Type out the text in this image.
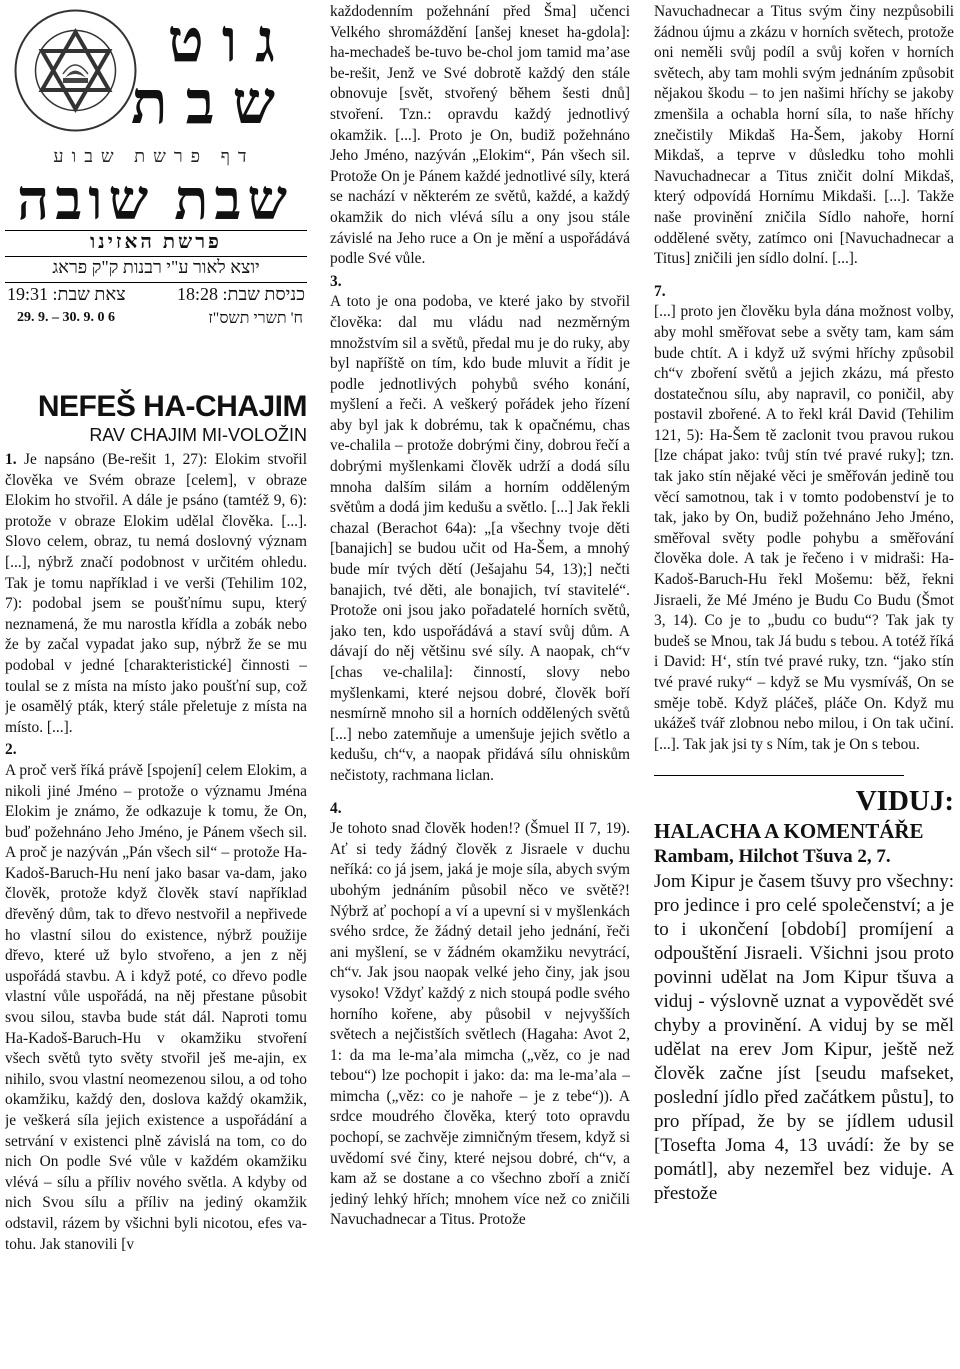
גוט
שבת
דף פרשת שבוע
שבת שובה
פרשת האזינו
יוצא לאור ע"י רבנות ק"ק פראג
צאת שבת: 19:31	כניסת שבת: 18:28
29. 9. – 30. 9. 0 6	ח' תשרי תשס"ז
NEFEŠ HA-CHAJIM
RAV CHAJIM MI-VOLOŽIN

1. Je napsáno (Be-rešit 1, 27): Elokim stvořil člověka ve Svém obraze [celem], v obraze Elokim ho stvořil. A dále je psáno (tamtéž 9, 6): protože v obraze Elokim udělal člověka. [...]. Slovo celem, obraz, tu nemá doslovný význam [...], nýbrž značí podobnost v určitém ohledu. Tak je tomu například i ve verši (Tehilim 102, 7): podobal jsem se poušťnímu supu, který neznamená, že mu narostla křídla a zobák nebo že by začal vypadat jako sup, nýbrž že se mu podobal v jedné [charakteristické] činnosti – toulal se z místa na místo jako poušťní sup, což je osamělý pták, který stále přeletuje z místa na místo. [...].

2.

A proč verš říká právě [spojení] celem Elokim, a nikoli jiné Jméno – protože o významu Jména Elokim je známo, že odkazuje k tomu, že On, buď požehnáno Jeho Jméno, je Pánem všech sil. A proč je nazýván „Pán všech sil“ – protože Ha-Kadoš-Baruch-Hu není jako basar va-dam, jako člověk, protože když člověk staví například dřevěný dům, tak to dřevo nestvořil a nepřivede ho vlastní silou do existence, nýbrž použije dřevo, které už bylo stvořeno, a jen z něj uspořádá stavbu. A i když poté, co dřevo podle vlastní vůle uspořádá, na něj přestane působit svou silou, stavba bude stát dál. Naproti tomu Ha-Kadoš-Baruch-Hu v okamžiku stvoření všech světů tyto světy stvořil ješ me-ajin, ex nihilo, svou vlastní neomezenou silou, a od toho okamžiku, každý den, doslova každý okamžik, je veškerá síla jejich existence a uspořádání a setrvání v existenci plně závislá na tom, co do nich On podle Své vůle v každém okamžiku vlévá – sílu a příliv nového světla. A kdyby od nich Svou sílu a příliv na jediný okamžik odstavil, rázem by všichni byli nicotou, efes va-tohu. Jak stanovili [v

každodenním požehnání před Šma] učenci Velkého shromáždění [anšej kneset ha-gdola]: ha-mechadeš be-tuvo be-chol jom tamid ma’ase be-rešit, Jenž ve Své dobrotě každý den stále obnovuje [svět, stvořený během šesti dnů] stvoření. Tzn.: opravdu každý jednotlivý okamžik. [...]. Proto je On, budiž požehnáno Jeho Jméno, nazýván „Elokim“, Pán všech sil. Protože On je Pánem každé jednotlivé síly, která se nachází v některém ze světů, každé, a každý okamžik do nich vlévá sílu a ony jsou stále závislé na Jeho ruce a On je mění a uspořádává podle Své vůle.

3.

A toto je ona podoba, ve které jako by stvořil člověka: dal mu vládu nad nezměrným množstvím sil a světů, předal mu je do ruky, aby byl napříště on tím, kdo bude mluvit a řídit je podle jednotlivých pohybů svého konání, myšlení a řeči. A veškerý pořádek jeho řízení aby byl jak k dobrému, tak k opačnému, chas ve-chalila – protože dobrými činy, dobrou řečí a dobrými myšlenkami člověk udrží a dodá sílu mnoha dalším silám a horním odděleným světům a dodá jim kedušu a světlo. [...] Jak řekli chazal (Berachot 64a): „[a všechny tvoje děti [banajich] se budou učit od Ha-Šem, a mnohý bude mír tvých dětí (Ješajahu 54, 13);] nečti banajich, tvé děti, ale bonajich, tví stavitelé“. Protože oni jsou jako pořadatelé horních světů, jako ten, kdo uspořádává a staví svůj dům. A dávají do něj většinu své síly. A naopak, ch“v [chas ve-chalila]: činností, slovy nebo myšlenkami, které nejsou dobré, člověk boří nesmírně mnoho sil a horních oddělených světů [...] nebo zatemňuje a umenšuje jejich světlo a kedušu, ch“v, a naopak přidává sílu ohniskům nečistoty, rachmana liclan.

4.

Je tohoto snad člověk hoden!? (Šmuel II 7, 19). Ať si tedy žádný člověk z Jisraele v duchu neříká: co já jsem, jaká je moje síla, abych svým ubohým jednáním působil něco ve světě?! Nýbrž ať pochopí a ví a upevní si v myšlenkách svého srdce, že žádný detail jeho jednání, řeči ani myšlení, se v žádném okamžiku nevytrácí, ch“v. Jak jsou naopak velké jeho činy, jak jsou vysoko! Vždyť každý z nich stoupá podle svého horního kořene, aby působil v nejvyšších světech a nejčistších světlech (Hagaha: Avot 2, 1: da ma le-ma’ala mimcha („věz, co je nad tebou“) lze pochopit i jako: da: ma le-ma’ala – mimcha („věz: co je nahoře – je z tebe“)). A srdce moudrého člověka, který toto opravdu pochopí, se zachvěje zimničným třesem, když si uvědomí své činy, které nejsou dobré, ch“v, a kam až se dostane a co všechno zboří a zničí jediný lehký hřích; mnohem více než co zničili Navuchadnecar a Titus. Protože

Navuchadnecar a Titus svým činy nezpůsobili žádnou újmu a zkázu v horních světech, protože oni neměli svůj podíl a svůj kořen v horních světech, aby tam mohli svým jednáním způsobit nějakou škodu – to jen našimi hříchy se jakoby zmenšila a ochabla horní síla, to naše hříchy znečistily Mikdaš Ha-Šem, jakoby Horní Mikdaš, a teprve v důsledku toho mohli Navuchadnecar a Titus zničit dolní Mikdaš, který odpovídá Hornímu Mikdaši. [...]. Takže naše provinění zničila Sídlo nahoře, horní oddělené světy, zatímco oni [Navuchadnecar a Titus] zničili jen sídlo dolní. [...].

7.

[...] proto jen člověku byla dána možnost volby, aby mohl směřovat sebe a světy tam, kam sám bude chtít. A i když už svými hříchy způsobil ch“v zboření světů a jejich zkázu, má přesto dostatečnou sílu, aby napravil, co poničil, aby postavil zbořené. A to řekl král David (Tehilim 121, 5): Ha-Šem tě zaclonit tvou pravou rukou [lze chápat jako: tvůj stín tvé pravé ruky]; tzn. tak jako stín nějaké věci je směřován jedině tou věcí samotnou, tak i v tomto podobenství je to tak, jako by On, budiž požehnáno Jeho Jméno, směřoval světy podle pohybu a směřování člověka dole. A tak je řečeno i v midraši: Ha-Kadoš-Baruch-Hu řekl Mošemu: běž, řekni Jisraeli, že Mé Jméno je Budu Co Budu (Šmot 3, 14). Co je to „budu co budu“? Tak jak ty budeš se Mnou, tak Já budu s tebou. A totéž říká i David: H‘, stín tvé pravé ruky, tzn. “jako stín tvé pravé ruky“ – když se Mu vysmíváš, On se směje tobě. Když pláčeš, pláče On. Když mu ukážeš tvář zlobnou nebo milou, i On tak učiní. [...]. Tak jak jsi ty s Ním, tak je On s tebou.

VIDUJ:
HALACHA A KOMENTÁŘE
Rambam, Hilchot Tšuva 2, 7.

Jom Kipur je časem tšuvy pro všechny: pro jedince i pro celé společenství; a je to i ukončení [období] promíjení a odpouštění Jisraeli. Všichni jsou proto povinni udělat na Jom Kipur tšuva a viduj - výslovně uznat a vypovědět své chyby a provinění. A viduj by se měl udělat na erev Jom Kipur, ještě než člověk začne jíst [seudu mafseket, poslední jídlo před začátkem půstu], to pro případ, že by se jídlem udusil [Tosefta Joma 4, 13 uvádí: že by se pomátl], aby nezemřel bez viduje. A přestože
